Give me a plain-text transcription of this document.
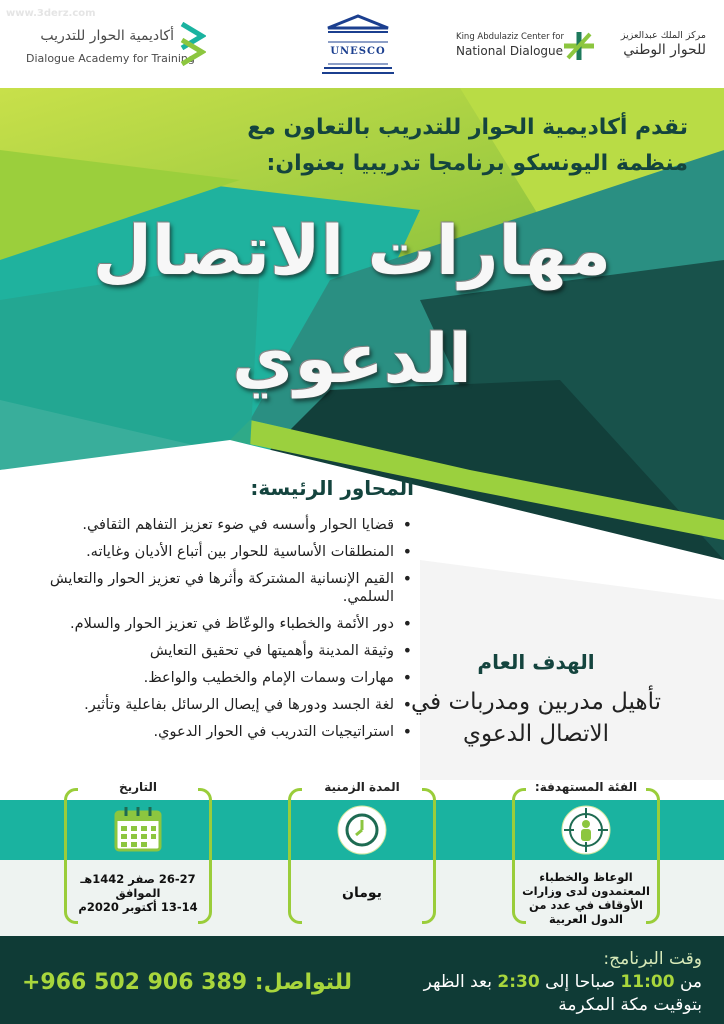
www.3derz.com
أكاديمية الحوار للتدريب
Dialogue Academy for Training
UNESCO
King Abdulaziz Center for
National Dialogue
مركز الملك عبدالعزيز
للحوار الوطني

تقدم أكاديمية الحوار للتدريب بالتعاون مع

منظمة اليونسكو برنامجا تدريبيا بعنوان:

مهارات الاتصال
الدعوي
المحاور الرئيسة:
• قضايا الحوار وأسسه في ضوء تعزيز التفاهم الثقافي.
• المنطلقات الأساسية للحوار بين أتباع الأديان وغاياته.
• القيم الإنسانية المشتركة وأثرها في تعزيز الحوار والتعايش السلمي.
• دور الأئمة والخطباء والوعّاظ في تعزيز الحوار والسلام.
• وثيقة المدينة وأهميتها في تحقيق التعايش
• مهارات وسمات الإمام والخطيب والواعظ.
• لغة الجسد ودورها في إيصال الرسائل بفاعلية وتأثير.
• استراتيجيات التدريب في الحوار الدعوي.
الهدف العام
تأهيل مدربين ومدربات في الاتصال الدعوي
الفئة المستهدفة:
الوعاظ والخطباء المعتمدون لدى وزارات الأوقاف في عدد من الدول العربية
المدة الزمنية
يومان
التاريخ
26-27 صفر 1442هـ
الموافق
13-14 أكتوبر 2020م
للتواصل: +966 502 906 389
وقت البرنامج:
من 11:00 صباحا إلى 2:30 بعد الظهر
بتوقيت مكة المكرمة
